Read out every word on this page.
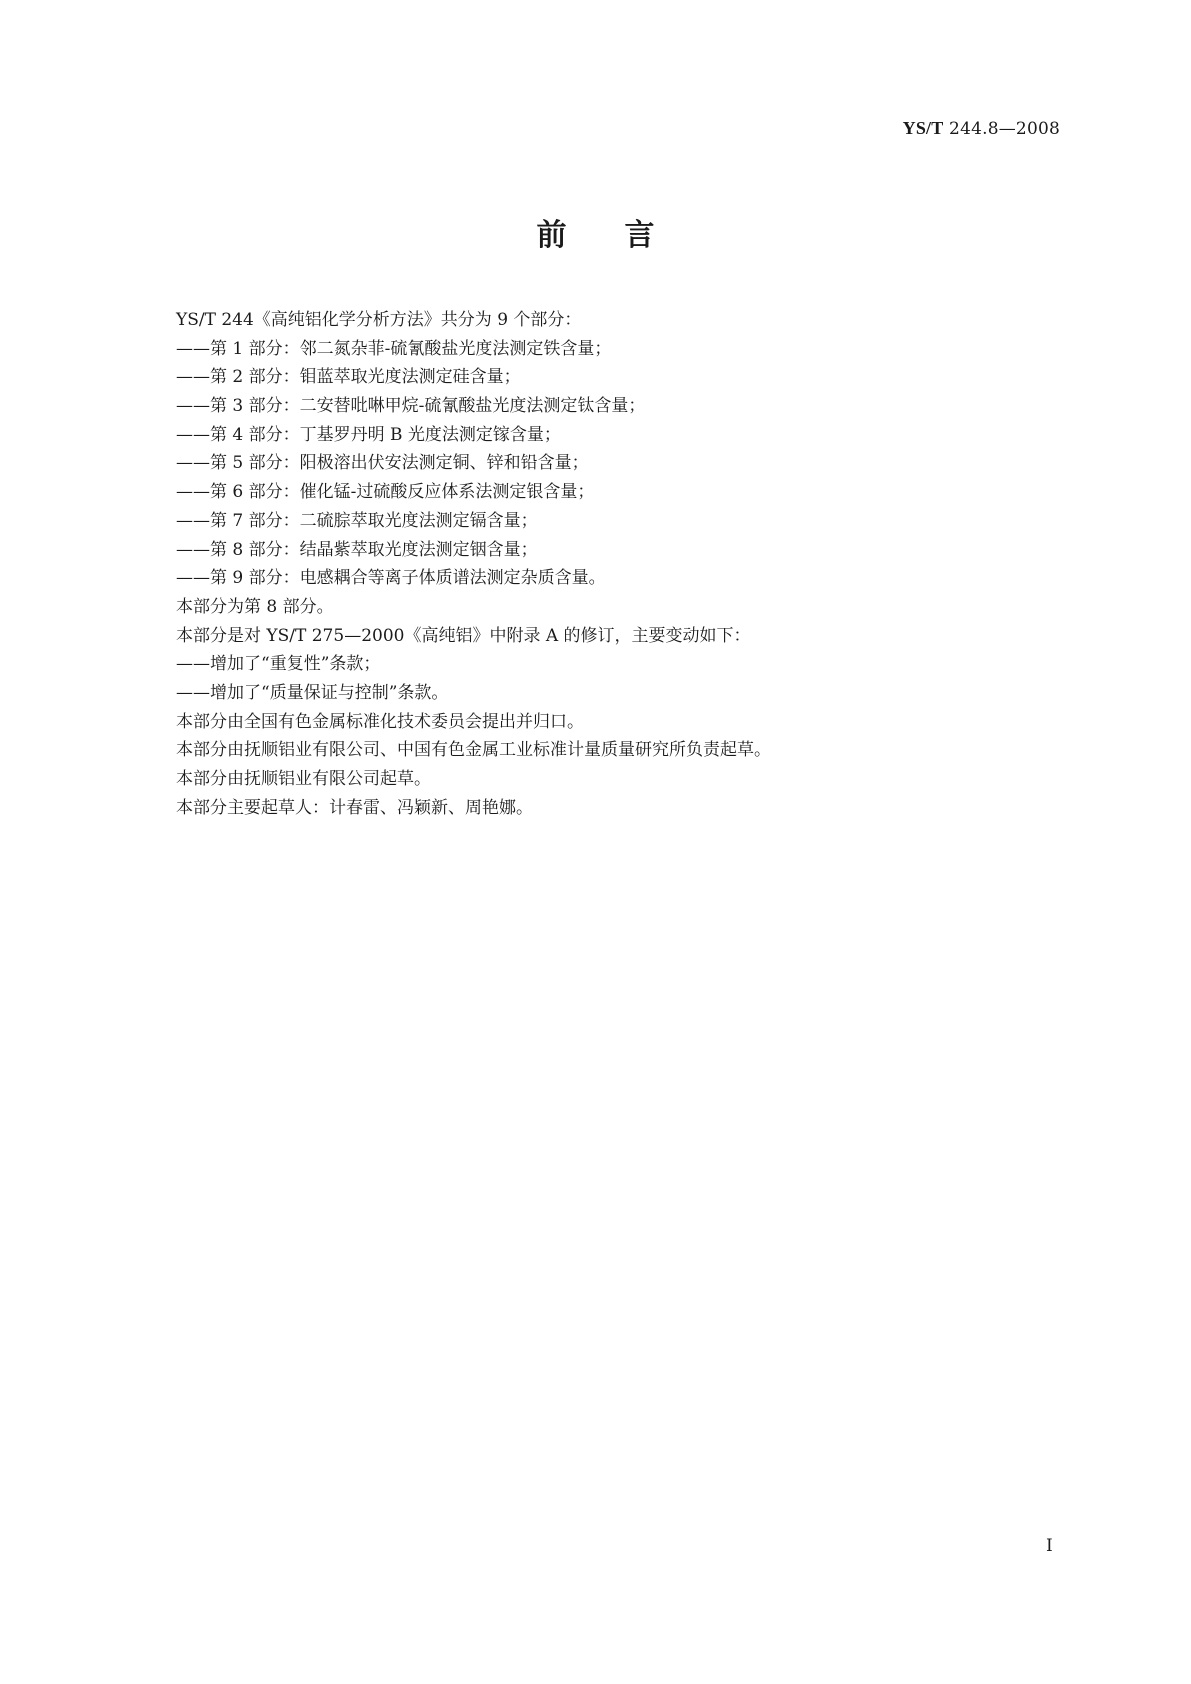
YS/T 244.8—2008
前言
YS/T 244《高纯铝化学分析方法》共分为 9 个部分：
——第 1 部分：邻二氮杂菲-硫氰酸盐光度法测定铁含量；
——第 2 部分：钼蓝萃取光度法测定硅含量；
——第 3 部分：二安替吡啉甲烷-硫氰酸盐光度法测定钛含量；
——第 4 部分：丁基罗丹明 B 光度法测定镓含量；
——第 5 部分：阳极溶出伏安法测定铜、锌和铅含量；
——第 6 部分：催化锰-过硫酸反应体系法测定银含量；
——第 7 部分：二硫腙萃取光度法测定镉含量；
——第 8 部分：结晶紫萃取光度法测定铟含量；
——第 9 部分：电感耦合等离子体质谱法测定杂质含量。
本部分为第 8 部分。
本部分是对 YS/T 275—2000《高纯铝》中附录 A 的修订，主要变动如下：
——增加了“重复性”条款；
——增加了“质量保证与控制”条款。
本部分由全国有色金属标准化技术委员会提出并归口。
本部分由抚顺铝业有限公司、中国有色金属工业标准计量质量研究所负责起草。
本部分由抚顺铝业有限公司起草。
本部分主要起草人：计春雷、冯颖新、周艳娜。
I
